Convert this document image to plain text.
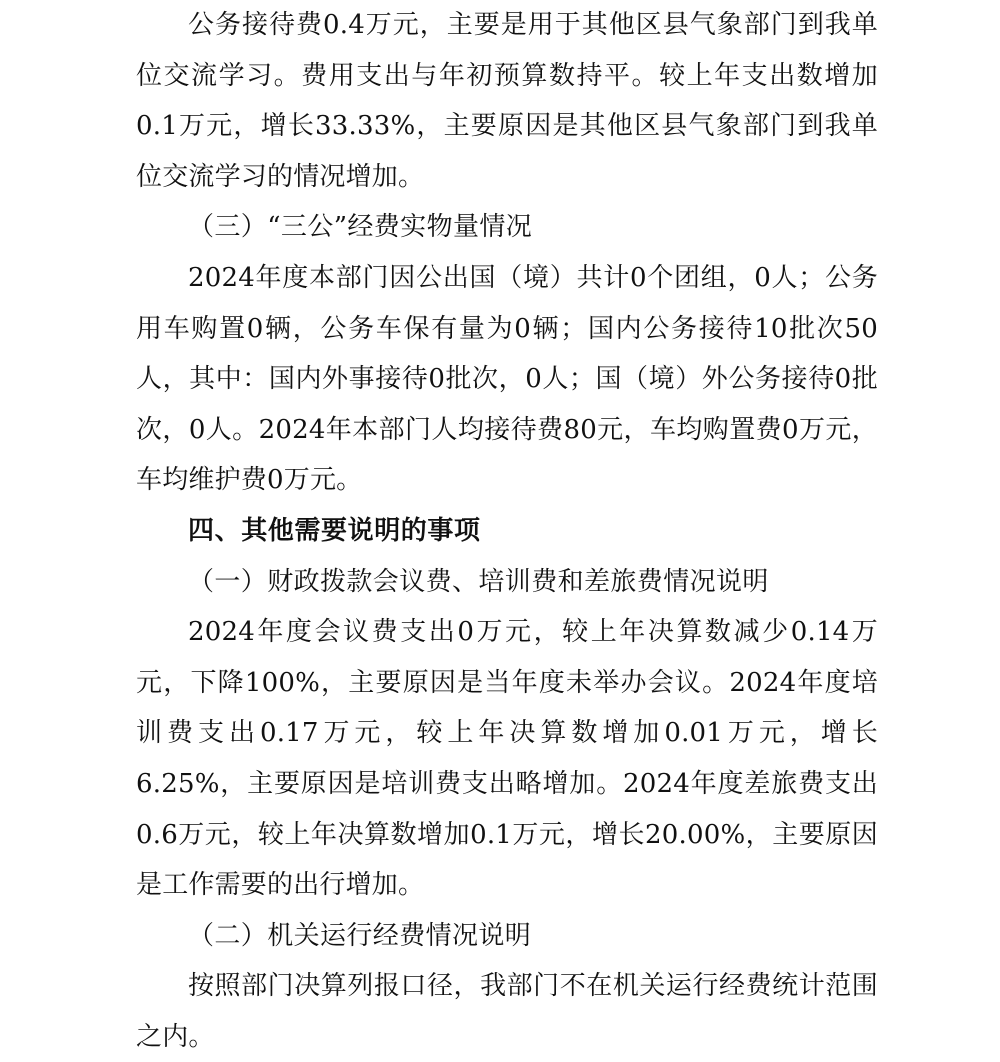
公务接待费0.4万元，主要是用于其他区县气象部门到我单位交流学习。费用支出与年初预算数持平。较上年支出数增加0.1万元，增长33.33%，主要原因是其他区县气象部门到我单位交流学习的情况增加。

（三）“三公”经费实物量情况

2024年度本部门因公出国（境）共计0个团组，0人；公务用车购置0辆，公务车保有量为0辆；国内公务接待10批次50人，其中：国内外事接待0批次，0人；国（境）外公务接待0批次，0人。2024年本部门人均接待费80元，车均购置费0万元，车均维护费0万元。

四、其他需要说明的事项

（一）财政拨款会议费、培训费和差旅费情况说明

2024年度会议费支出0万元，较上年决算数减少0.14万元，下降100%，主要原因是当年度未举办会议。2024年度培训费支出0.17万元，较上年决算数增加0.01万元，增长6.25%，主要原因是培训费支出略增加。2024年度差旅费支出0.6万元，较上年决算数增加0.1万元，增长20.00%，主要原因是工作需要的出行增加。

（二）机关运行经费情况说明

按照部门决算列报口径，我部门不在机关运行经费统计范围之内。
